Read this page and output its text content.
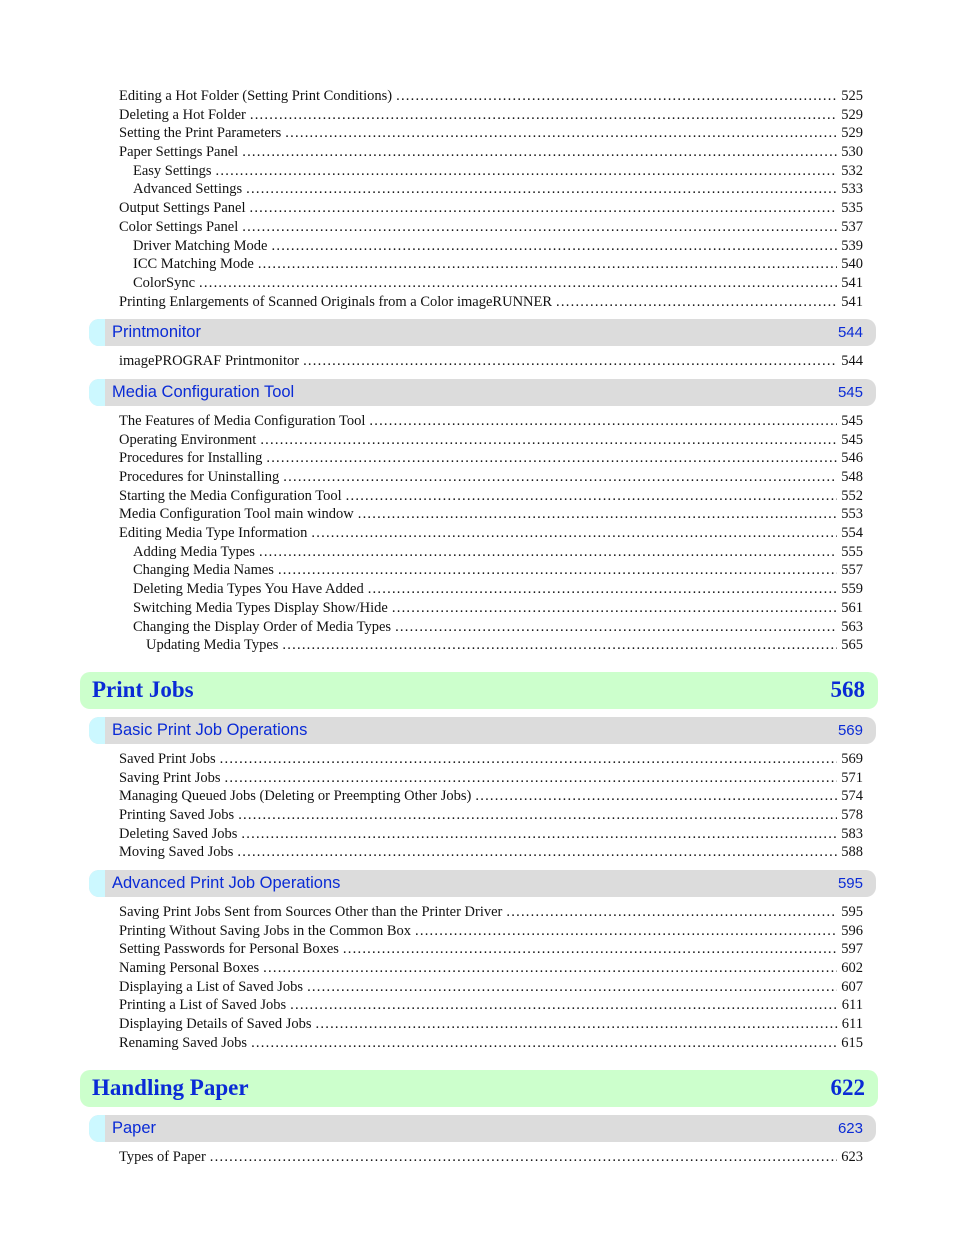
Editing a Hot Folder (Setting Print Conditions) . . .	525
Deleting a Hot Folder . . .	529
Setting the Print Parameters . . .	529
Paper Settings Panel . . .	530
Easy Settings . . .	532
Advanced Settings . . .	533
Output Settings Panel . . .	535
Color Settings Panel . . .	537
Driver Matching Mode . . .	539
ICC Matching Mode . . .	540
ColorSync . . .	541
Printing Enlargements of Scanned Originals from a Color imageRUNNER . . .	541
Printmonitor	544
imagePROGRAF Printmonitor . . .	544
Media Configuration Tool	545
The Features of Media Configuration Tool . . .	545
Operating Environment . . .	545
Procedures for Installing . . .	546
Procedures for Uninstalling . . .	548
Starting the Media Configuration Tool . . .	552
Media Configuration Tool main window . . .	553
Editing Media Type Information . . .	554
Adding Media Types . . .	555
Changing Media Names . . .	557
Deleting Media Types You Have Added . . .	559
Switching Media Types Display Show/Hide . . .	561
Changing the Display Order of Media Types . . .	563
Updating Media Types . . .	565
Print Jobs	568
Basic Print Job Operations	569
Saved Print Jobs . . .	569
Saving Print Jobs . . .	571
Managing Queued Jobs (Deleting or Preempting Other Jobs) . . .	574
Printing Saved Jobs . . .	578
Deleting Saved Jobs . . .	583
Moving Saved Jobs . . .	588
Advanced Print Job Operations	595
Saving Print Jobs Sent from Sources Other than the Printer Driver . . .	595
Printing Without Saving Jobs in the Common Box . . .	596
Setting Passwords for Personal Boxes . . .	597
Naming Personal Boxes . . .	602
Displaying a List of Saved Jobs . . .	607
Printing a List of Saved Jobs . . .	611
Displaying Details of Saved Jobs . . .	611
Renaming Saved Jobs . . .	615
Handling Paper	622
Paper	623
Types of Paper . . .	623
